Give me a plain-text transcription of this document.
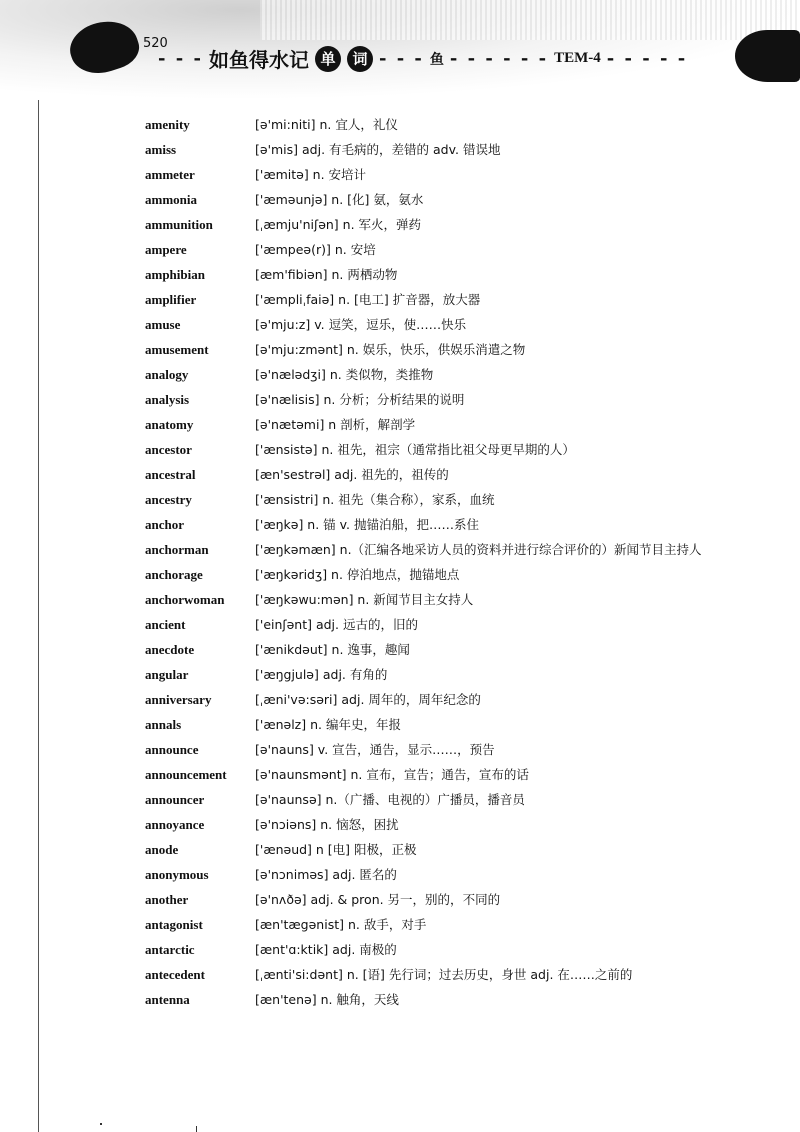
520
- - - 如鱼得水记 单	词 - - - 鱼 - - - - - - TEM-4 - - - - -
amenity	[ə'mi:niti] n. 宜人，礼仪
amiss	[ə'mis] adj. 有毛病的，差错的 adv. 错误地
ammeter	['æmitə] n. 安培计
ammonia	['æməunjə] n. [化] 氨，氨水
ammunition	[ˌæmju'niʃən] n. 军火，弹药
ampere	['æmpeə(r)] n. 安培
amphibian	[æm'fibiən] n. 两栖动物
amplifier	['æmpliˌfaiə] n. [电工] 扩音器，放大器
amuse	[ə'mju:z] v. 逗笑，逗乐，使……快乐
amusement	[ə'mju:zmənt] n. 娱乐，快乐，供娱乐消遣之物
analogy	[ə'nælədʒi] n. 类似物，类推物
analysis	[ə'nælisis] n. 分析；分析结果的说明
anatomy	[ə'nætəmi] n 剖析，解剖学
ancestor	['ænsistə] n. 祖先，祖宗（通常指比祖父母更早期的人）
ancestral	[æn'sestrəl] adj. 祖先的，祖传的
ancestry	['ænsistri] n. 祖先（集合称），家系，血统
anchor	['æŋkə] n. 锚 v. 抛锚泊船，把……系住
anchorman	['æŋkəmæn] n.（汇编各地采访人员的资料并进行综合评价的）新闻节目主持人
anchorage	['æŋkəridʒ] n. 停泊地点，抛锚地点
anchorwoman	['æŋkəwu:mən] n. 新闻节目主女持人
ancient	['einʃənt] adj. 远古的，旧的
anecdote	['ænikdəut] n. 逸事，趣闻
angular	['æŋgjulə] adj. 有角的
anniversary	[ˌæni'və:səri] adj. 周年的，周年纪念的
annals	['ænəlz] n. 编年史，年报
announce	[ə'nauns] v. 宣告，通告，显示……，预告
announcement	[ə'naunsmənt] n. 宣布，宣告；通告，宣布的话
announcer	[ə'naunsə] n.（广播、电视的）广播员，播音员
annoyance	[ə'nɔiəns] n. 恼怒，困扰
anode	['ænəud] n [电] 阳极，正极
anonymous	[ə'nɔniməs] adj. 匿名的
another	[ə'nʌðə] adj. & pron. 另一，别的，不同的
antagonist	[æn'tægənist] n. 敌手，对手
antarctic	[ænt'ɑ:ktik] adj. 南极的
antecedent	[ˌænti'si:dənt] n. [语] 先行词；过去历史，身世 adj. 在……之前的
antenna	[æn'tenə] n. 触角，天线
